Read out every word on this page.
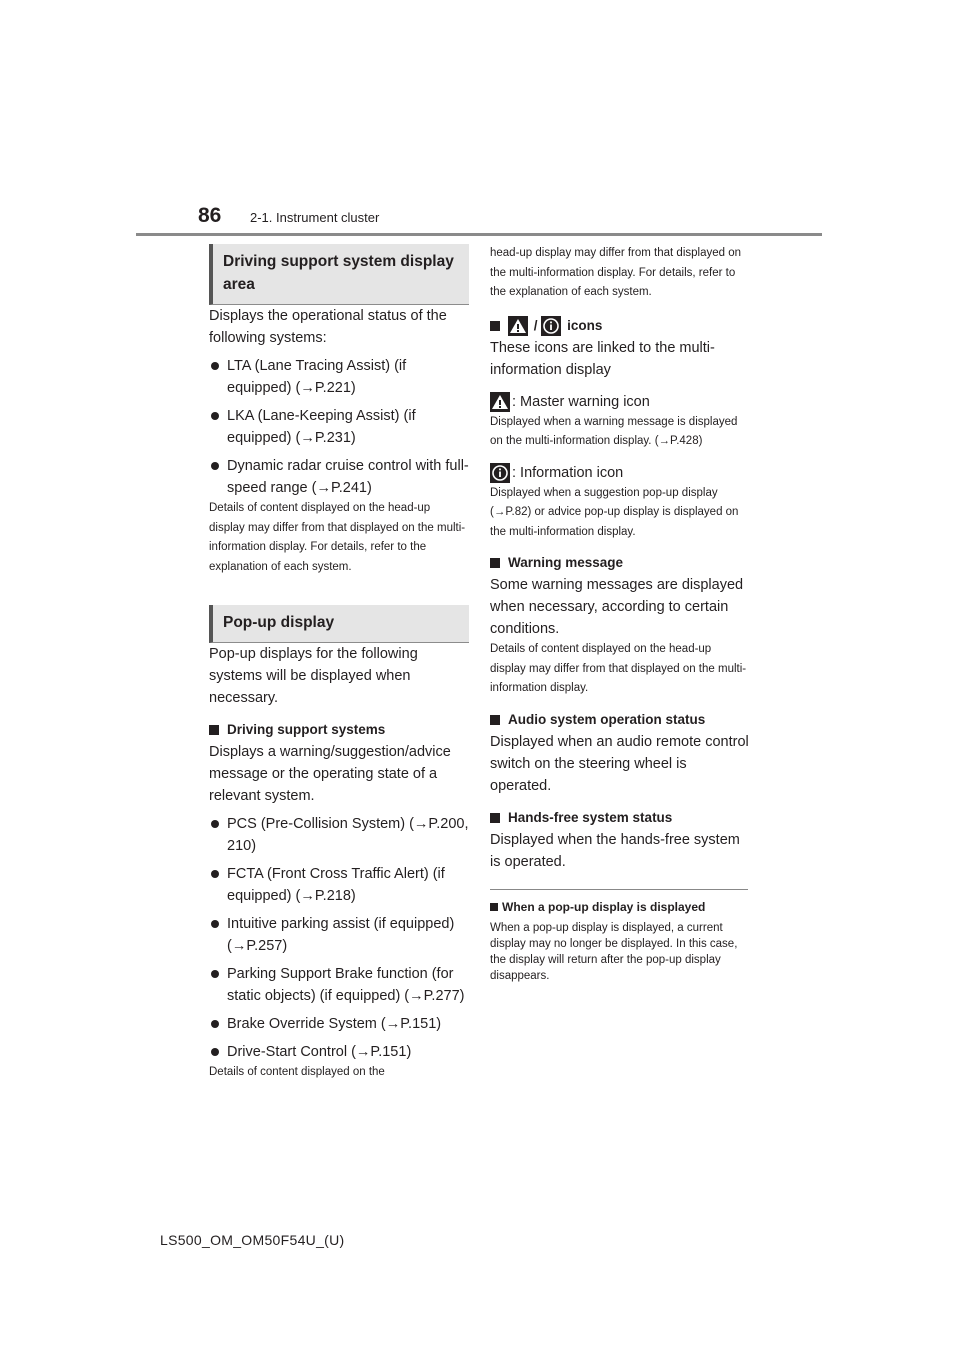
86 2-1. Instrument cluster
Driving support system display area

Displays the operational status of the following systems:

LTA (Lane Tracing Assist) (if equipped) (→P.221)
LKA (Lane-Keeping Assist) (if equipped) (→P.231)
Dynamic radar cruise control with full-speed range (→P.241)

Details of content displayed on the head-up display may differ from that displayed on the multi-information display. For details, refer to the explanation of each system.

Pop-up display

Pop-up displays for the following systems will be displayed when necessary.

Driving support systems

Displays a warning/suggestion/advice message or the operating state of a relevant system.

PCS (Pre-Collision System) (→P.200, 210)
FCTA (Front Cross Traffic Alert) (if equipped) (→P.218)
Intuitive parking assist (if equipped) (→P.257)
Parking Support Brake function (for static objects) (if equipped) (→P.277)
Brake Override System (→P.151)
Drive-Start Control (→P.151)

Details of content displayed on the

head-up display may differ from that displayed on the multi-information display. For details, refer to the explanation of each system.

/ icons

These icons are linked to the multi-information display

: Master warning icon

Displayed when a warning message is displayed on the multi-information display. (→P.428)

: Information icon

Displayed when a suggestion pop-up display (→P.82) or advice pop-up display is displayed on the multi-information display.

Warning message

Some warning messages are displayed when necessary, according to certain conditions.

Details of content displayed on the head-up display may differ from that displayed on the multi-information display.

Audio system operation status

Displayed when an audio remote control switch on the steering wheel is operated.

Hands-free system status

Displayed when the hands-free system is operated.

When a pop-up display is displayed

When a pop-up display is displayed, a current display may no longer be displayed. In this case, the display will return after the pop-up display disappears.

LS500_OM_OM50F54U_(U)
